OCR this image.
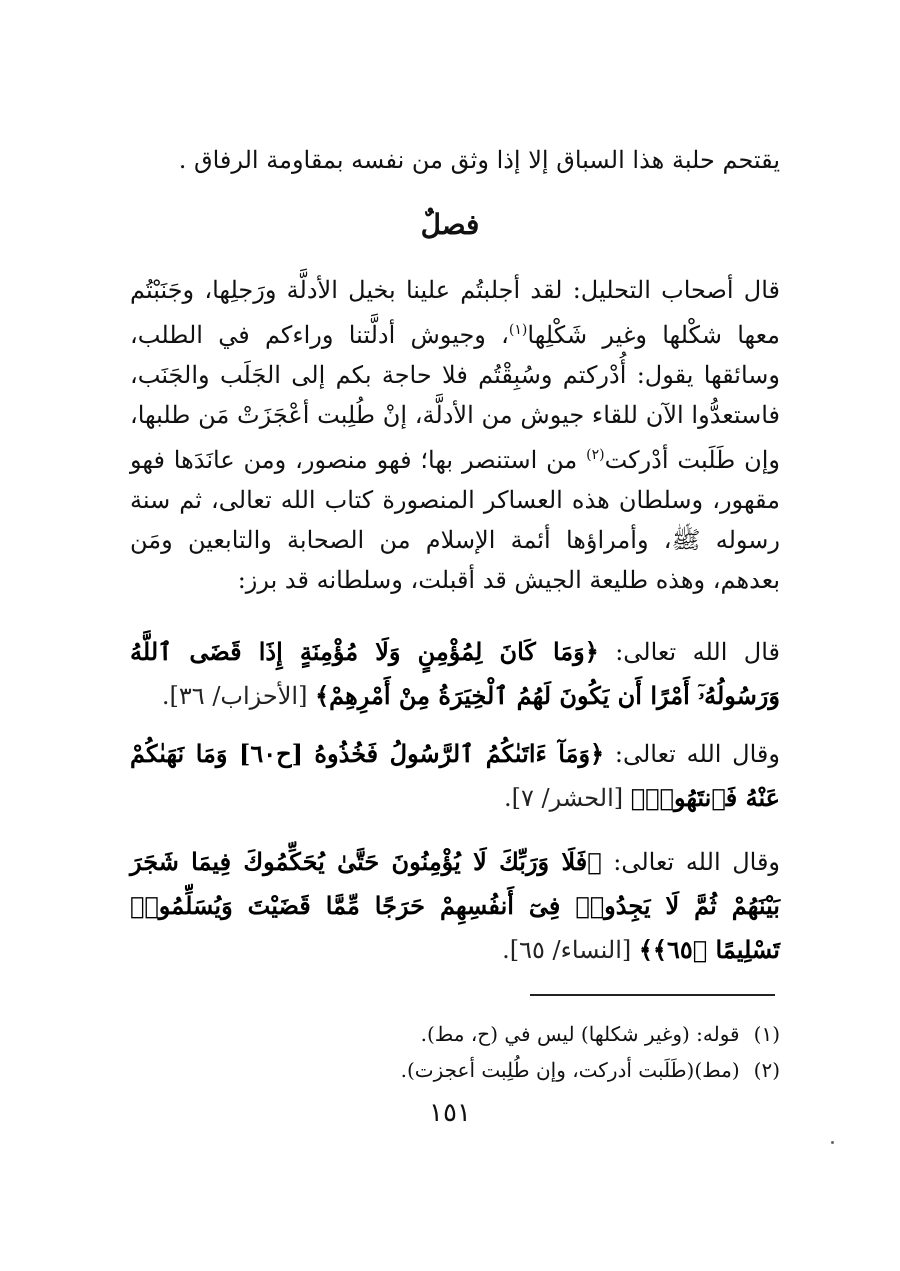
يقتحم حلبة هذا السباق إلا إذا وثق من نفسه بمقاومة الرفاق .
فصلٌ
قال أصحاب التحليل: لقد أجلبتُم علينا بخيل الأدلَّة ورَجلِها، وجَنَبْتُم معها شكْلها وغير شَكْلِها$^{(١)}$، وجيوش أدلَّتنا وراءكم في الطلب، وسائقها يقول: أُدْركتم وسُبِقْتُم فلا حاجة بكم إلى الجَلَب والجَنَب، فاستعدُّوا الآن للقاء جيوش من الأدلَّة، إنْ طُلِبت أعْجَزَتْ مَن طلبها، وإن طَلَبت أدْركت$^{(٢)}$ من استنصر بها؛ فهو منصور، ومن عانَدَها فهو مقهور، وسلطان هذه العساكر المنصورة كتاب الله تعالى، ثم سنة رسوله ﷺ، وأمراؤها أئمة الإسلام من الصحابة والتابعين ومَن بعدهم، وهذه طليعة الجيش قد أقبلت، وسلطانه قد برز:
قال الله تعالى: ﴿وَمَا كَانَ لِمُؤْمِنٍ وَلَا مُؤْمِنَةٍ إِذَا قَضَى ٱللَّهُ وَرَسُولُهُۥٓ أَمْرًا أَن يَكُونَ لَهُمُ ٱلْخِيَرَةُ مِنْ أَمْرِهِمْ﴾ [الأحزاب/ ٣٦].
وقال الله تعالى: ﴿وَمَآ ءَاتَىٰكُمُ ٱلرَّسُولُ فَخُذُوهُ [ح٦٠] وَمَا نَهَىٰكُمْ عَنْهُ فَٱنتَهُوا۟﴾ [الحشر/ ٧].
وقال الله تعالى: ﴿فَلَا وَرَبِّكَ لَا يُؤْمِنُونَ حَتَّىٰ يُحَكِّمُوكَ فِيمَا شَجَرَ بَيْنَهُمْ ثُمَّ لَا يَجِدُوا۟ فِىٓ أَنفُسِهِمْ حَرَجًا مِّمَّا قَضَيْتَ وَيُسَلِّمُوا۟ تَسْلِيمًا ﴿٦٥﴾﴾ [النساء/ ٦٥].
(١)
قوله: (وغير شكلها) ليس في (ح، مط).
(٢)
(مط)(طَلَبت أدركت، وإن طُلِبت أعجزت).
١٥١
